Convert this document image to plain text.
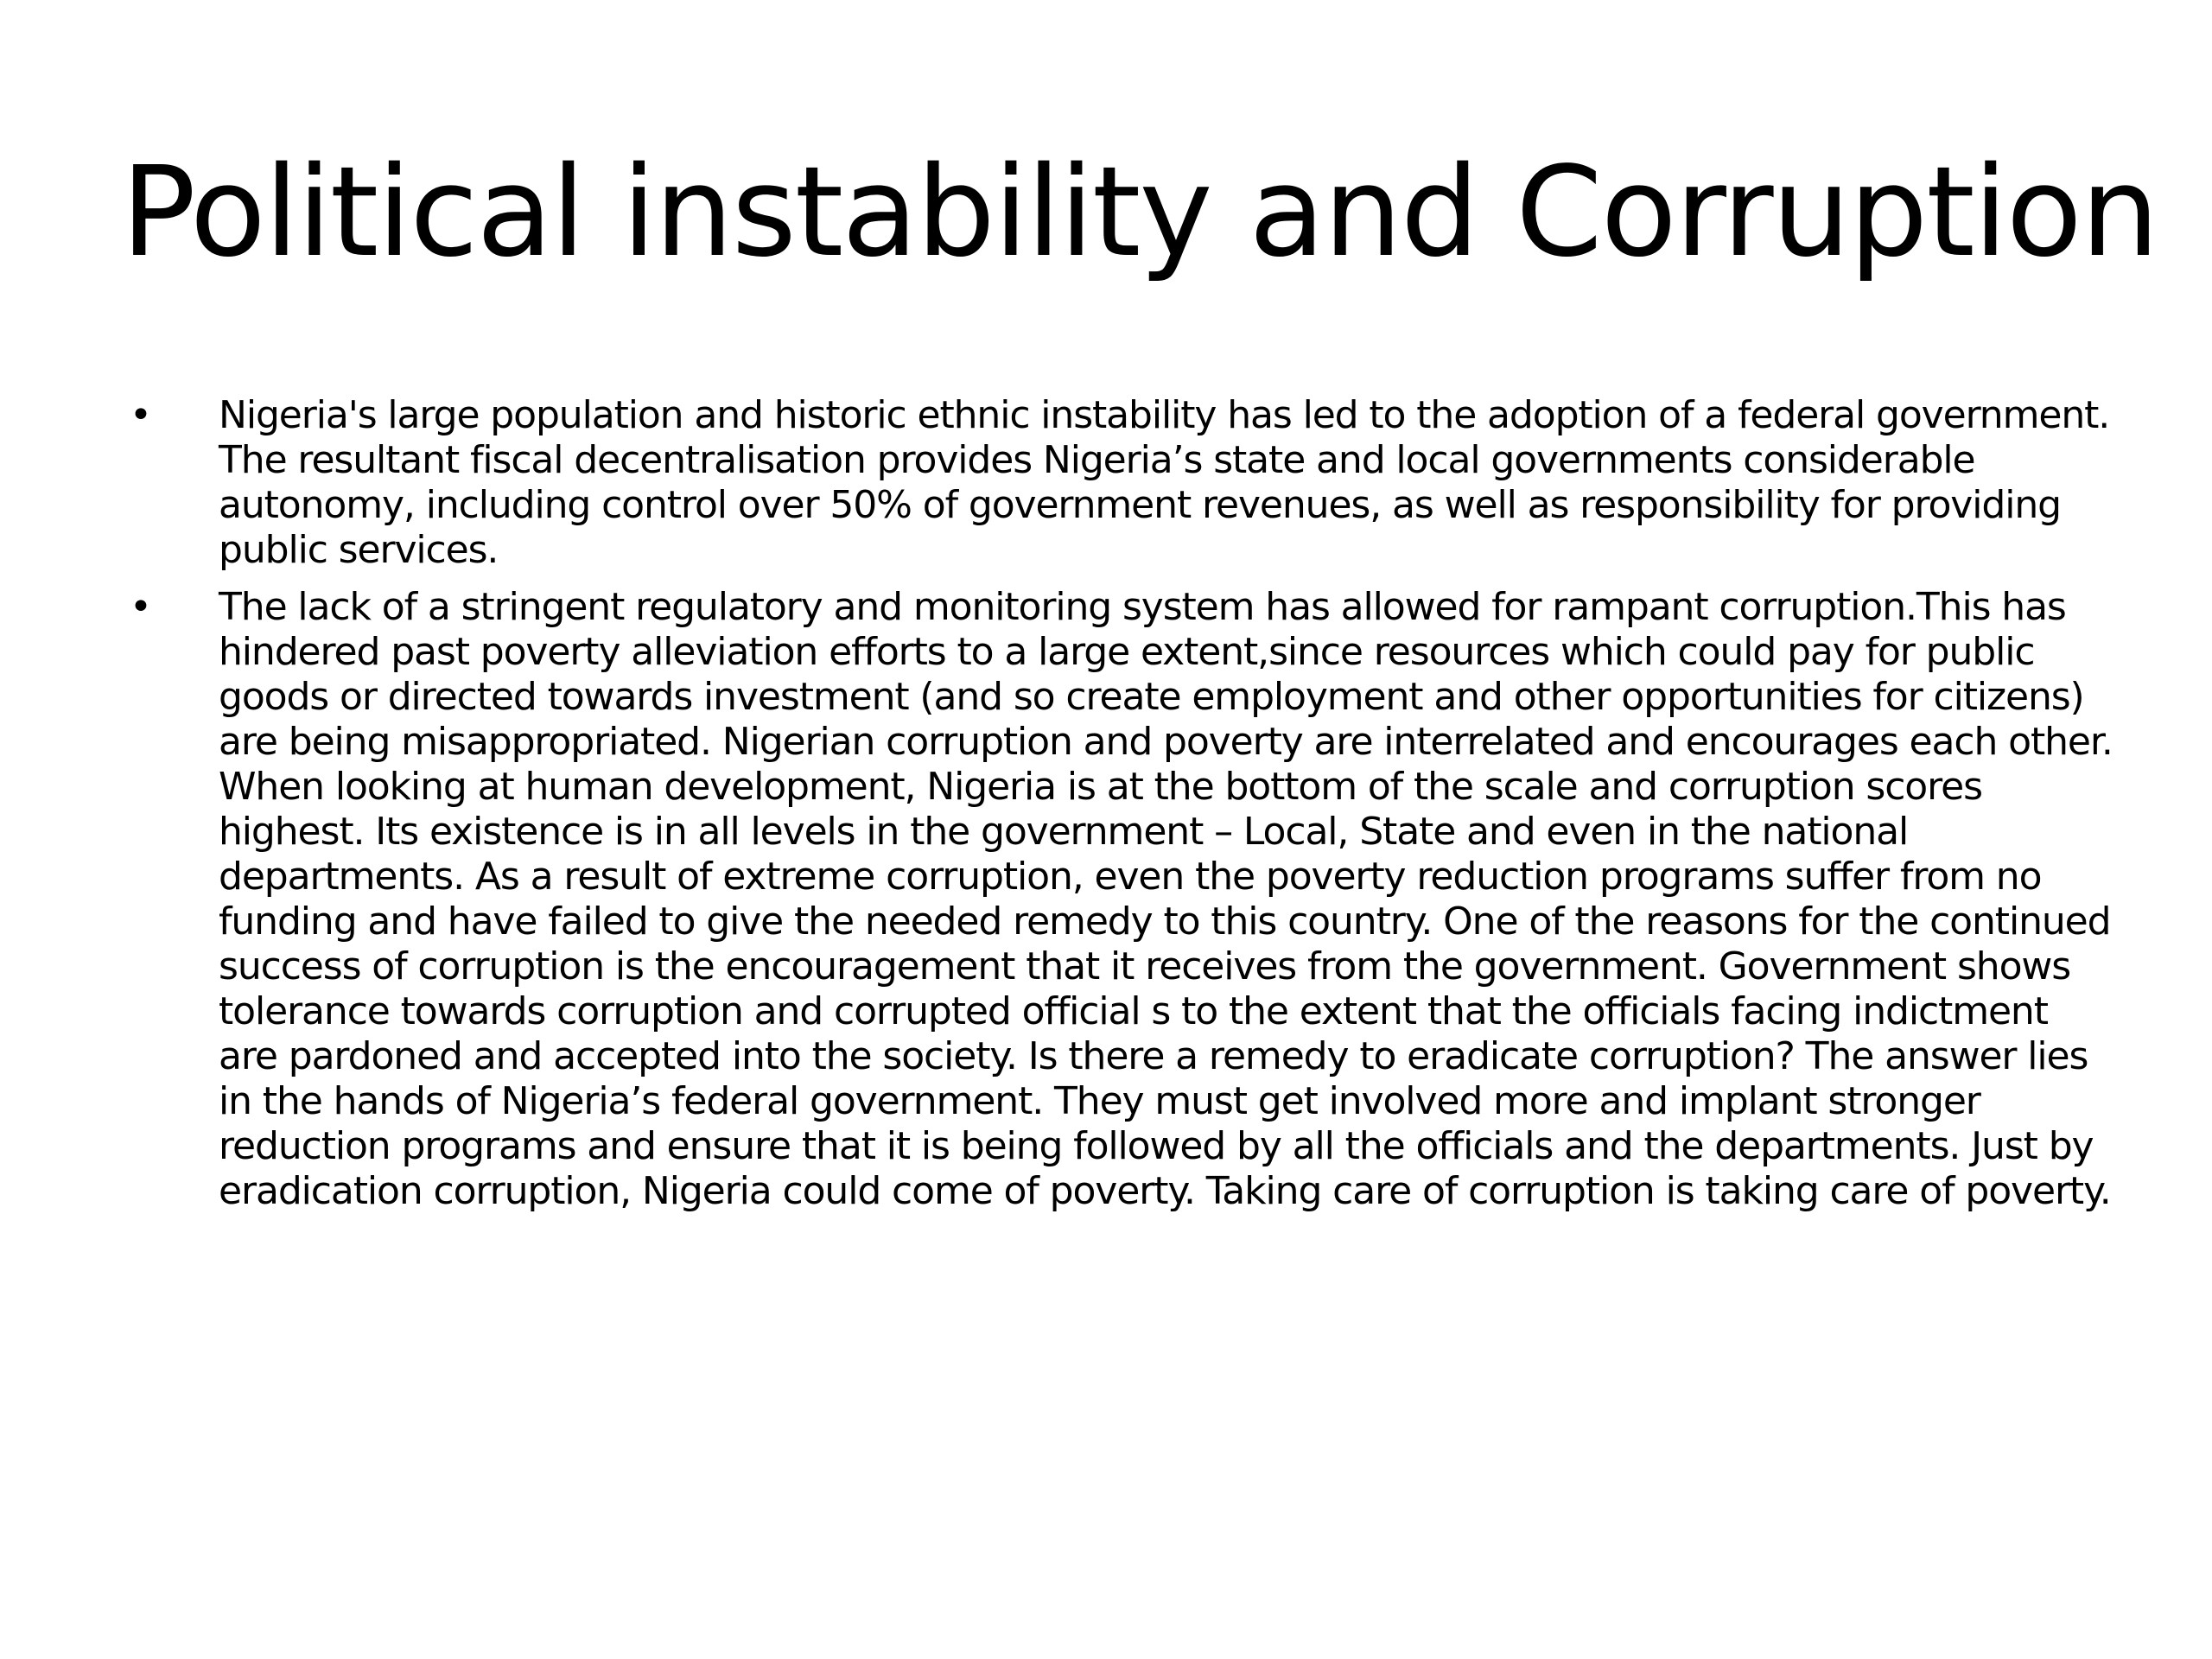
Political instability and Corruption
• Nigeria's large population and historic ethnic instability has led to the adoption of a federal government. The resultant fiscal decentralisation provides Nigeria’s state and local governments considerable autonomy, including control over 50% of government revenues, as well as responsibility for providing public services.
• The lack of a stringent regulatory and monitoring system has allowed for rampant corruption.This has hindered past poverty alleviation efforts to a large extent,since resources which could pay for public goods or directed towards investment (and so create employment and other opportunities for citizens) are being misappropriated. Nigerian corruption and poverty are interrelated and encourages each other. When looking at human development, Nigeria is at the bottom of the scale and corruption scores highest. Its existence is in all levels in the government – Local, State and even in the national departments. As a result of extreme corruption, even the poverty reduction programs suffer from no funding and have failed to give the needed remedy to this country. One of the reasons for the continued success of corruption is the encouragement that it receives from the government. Government shows tolerance towards corruption and corrupted official s to the extent that the officials facing indictment are pardoned and accepted into the society. Is there a remedy to eradicate corruption? The answer lies in the hands of Nigeria’s federal government. They must get involved more and implant stronger reduction programs and ensure that it is being followed by all the officials and the departments. Just by eradication corruption, Nigeria could come of poverty. Taking care of corruption is taking care of poverty.
